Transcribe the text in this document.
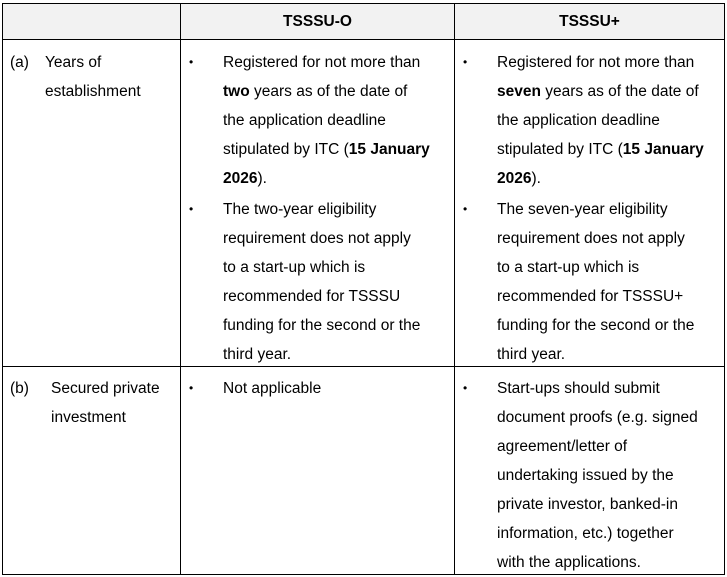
TSSSU-O	TSSSU+
(a) Years of
establishment
• Registered for not more than
two years as of the date of
the application deadline
stipulated by ITC (15 January
2026).
• The two-year eligibility
requirement does not apply
to a start-up which is
recommended for TSSSU
funding for the second or the
third year.
• Registered for not more than
seven years as of the date of
the application deadline
stipulated by ITC (15 January
2026).
• The seven-year eligibility
requirement does not apply
to a start-up which is
recommended for TSSSU+
funding for the second or the
third year.
(b) Secured private
investment
• Not applicable	• Start-ups should submit
document proofs (e.g. signed
agreement/letter of
undertaking issued by the
private investor, banked-in
information, etc.) together
with the applications.
